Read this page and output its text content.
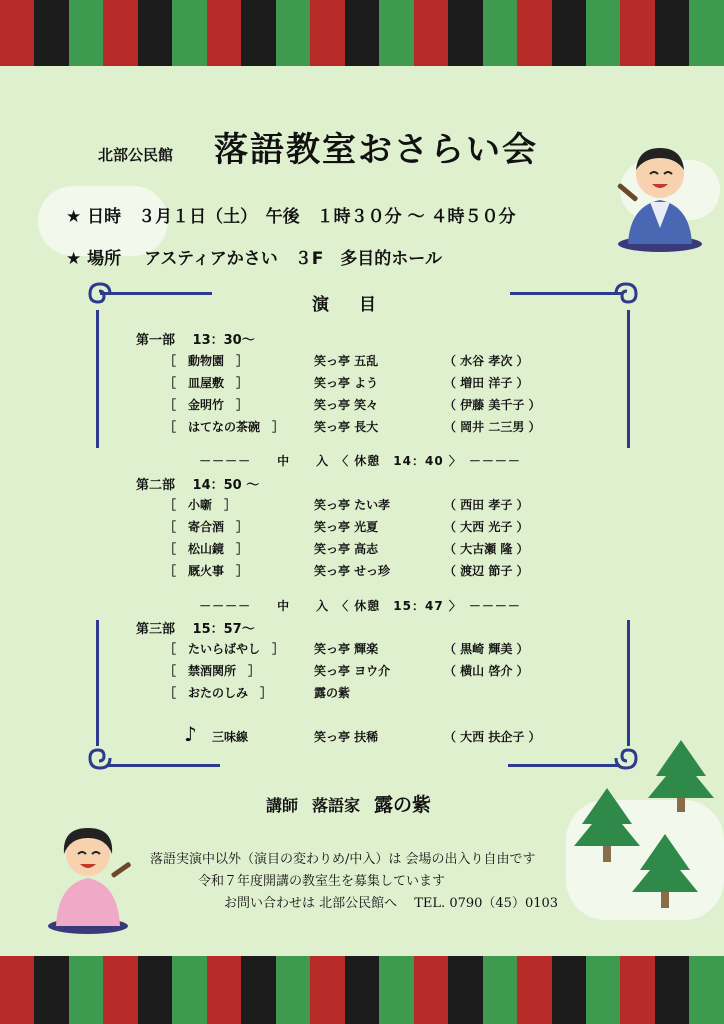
北部公民館 落語教室おさらい会
★ 日時　３月１日（土）　午後　１時３０分 ～ ４時５０分
★ 場所　 アスティアかさい　３F　多目的ホール
演目
第一部　 13：30～
［　動物園　］	笑っ亭 五乱	（ 水谷 孝次 ）
［　皿屋敷　］	笑っ亭 よう	（ 増田 洋子 ）
［　金明竹　］	笑っ亭 笑々	（ 伊藤 美千子 ）
［　はてなの茶碗　］ 笑っ亭 長大	（ 岡井 二三男 ）
－－－－　　中　　入　〈 休憩　14：40 〉　－－－－
第二部　 14：50 ～
［　小噺　］	笑っ亭 たい孝	（ 西田 孝子 ）
［　寄合酒　］	笑っ亭 光夏	（ 大西 光子 ）
［　松山鏡　］	笑っ亭 高志	（ 大古瀬 隆 ）
［　厩火事　］	笑っ亭 せっ珍	（ 渡辺 節子 ）
－－－－　　中　　入　〈 休憩　15：47 〉　－－－－
第三部　 15：57～
［　たいらばやし　］ 笑っ亭 輝楽	（ 黒崎 輝美 ）
［　禁酒関所　］	笑っ亭 ヨウ介	（ 横山 啓介 ）
［　おたのしみ　］	露の紫
♪ 三味線	笑っ亭 扶稀	（ 大西 扶企子 ）
講師 落語家 露の紫
落語実演中以外（演目の変わりめ/中入）は 会場の出入り自由です
令和７年度開講の教室生を募集しています
お問い合わせは 北部公民館へ　 TEL. 0790（45）0103
